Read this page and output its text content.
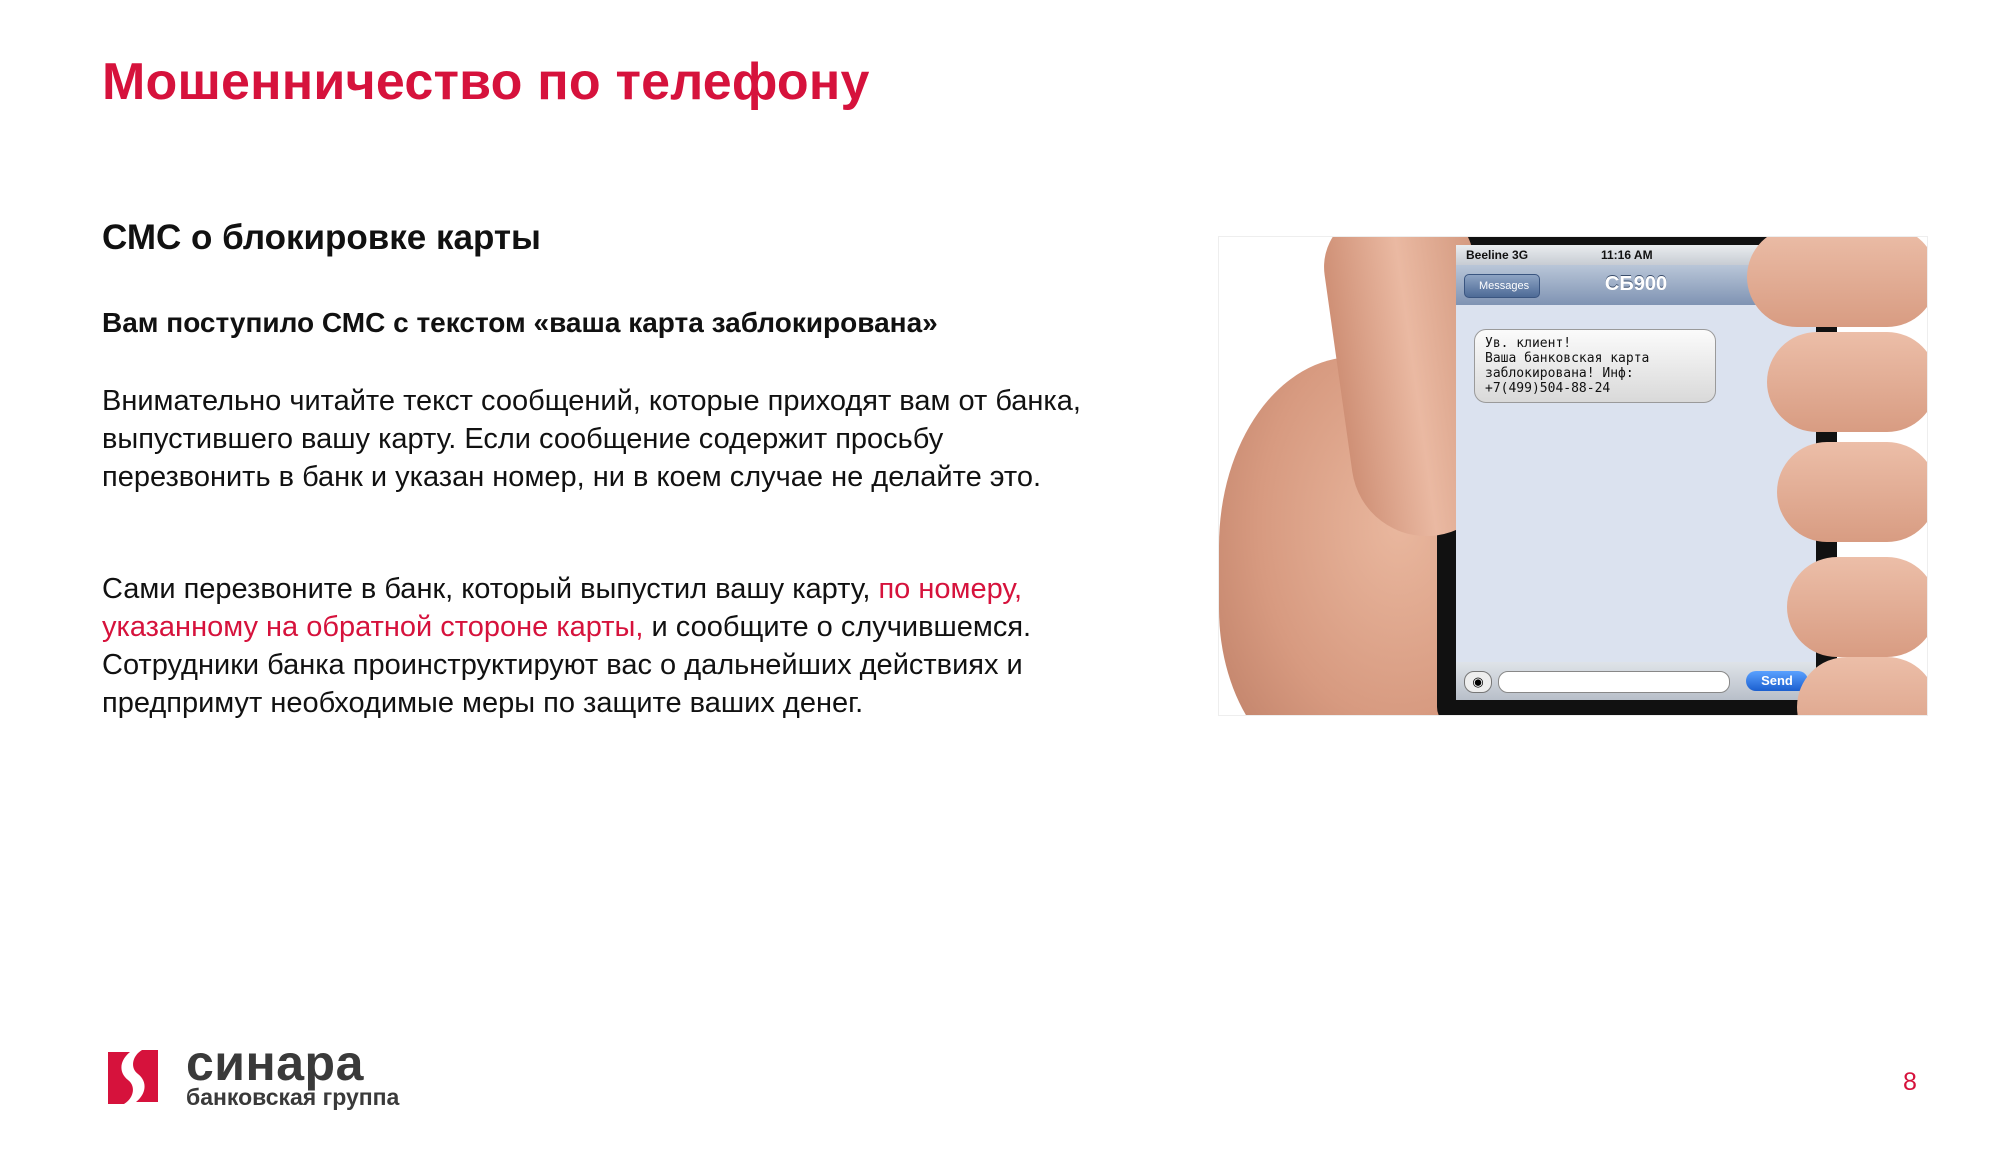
Мошенничество по телефону
СМС о блокировке карты

Вам поступило СМС с текстом «ваша карта заблокирована»

Внимательно читайте текст сообщений, которые приходят вам от банка, выпустившего вашу карту. Если сообщение содержит просьбу перезвонить в банк и указан номер, ни в коем случае не делайте это.

Сами перезвоните в банк, который выпустил вашу карту, по номеру, указанному на обратной стороне карты, и сообщите о случившемся. Сотрудники банка проинструктируют вас о дальнейших действиях и предпримут необходимые меры по защите ваших денег.

Beeline 3G	11:16 AM
Messages	СБ900
Ув. клиент!
Ваша банковская карта
заблокирована! Инф:
+7(499)504-88-24
◉	Send
синара
банковская группа
8
